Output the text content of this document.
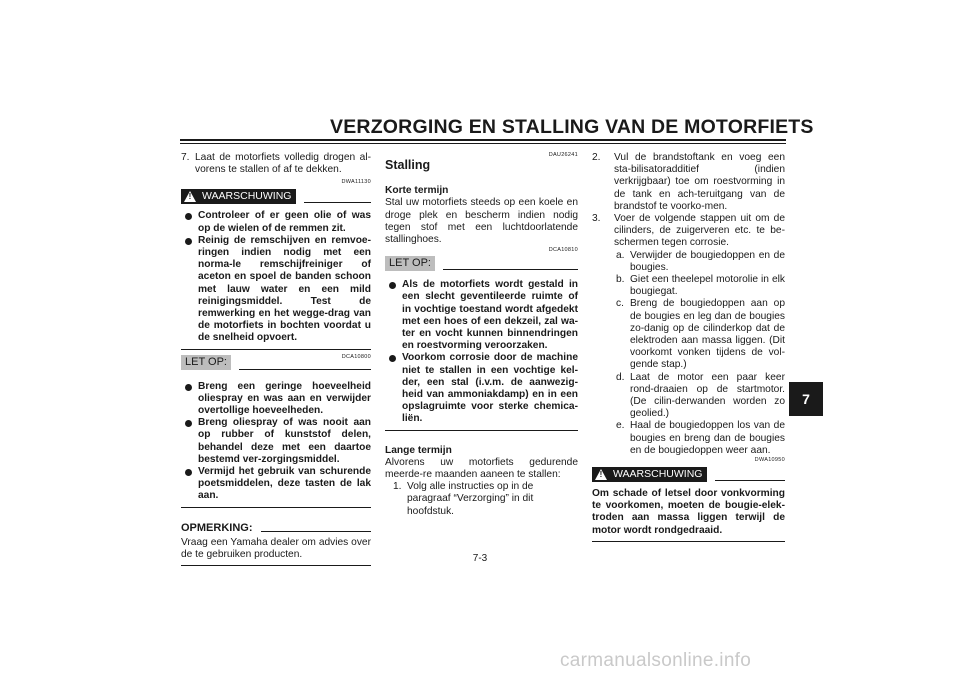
VERZORGING EN STALLING VAN DE MOTORFIETS

7. Laat de motorfiets volledig drogen al-vorens te stallen of af te dekken.

DWA11130
! WAARSCHUWING

Controleer of er geen olie of was op de wielen of de remmen zit.

Reinig de remschijven en remvoe-ringen indien nodig met een norma-le remschijfreiniger of aceton en spoel de banden schoon met lauw water en een mild reinigingsmiddel. Test de remwerking en het wegge-drag van de motorfiets in bochten voordat u de snelheid opvoert.

DCA10800
LET OP:

Breng een geringe hoeveelheid oliespray en was aan en verwijder overtollige hoeveelheden.

Breng oliespray of was nooit aan op rubber of kunststof delen, behandel deze met een daartoe bestemd ver-zorgingsmiddel.

Vermijd het gebruik van schurende poetsmiddelen, deze tasten de lak aan.

OPMERKING:

Vraag een Yamaha dealer om advies over de te gebruiken producten.

DAU26241
Stalling

Korte termijn

Stal uw motorfiets steeds op een koele en droge plek en bescherm indien nodig tegen stof met een luchtdoorlatende stallinghoes.

DCA10810
LET OP:

Als de motorfiets wordt gestald in een slecht geventileerde ruimte of in vochtige toestand wordt afgedekt met een hoes of een dekzeil, zal wa-ter en vocht kunnen binnendringen en roestvorming veroorzaken.

Voorkom corrosie door de machine niet te stallen in een vochtige kel-der, een stal (i.v.m. de aanwezig-heid van ammoniakdamp) en in een opslagruimte voor sterke chemica-liën.

Lange termijn

Alvorens uw motorfiets gedurende meerde-re maanden aaneen te stallen:

1. Volg alle instructies op in de paragraaf “Verzorging” in dit hoofdstuk.

2. Vul de brandstoftank en voeg een sta-bilisatoradditief (indien verkrijgbaar) toe om roestvorming in de tank en ach-teruitgang van de brandstof te voorko-men.

3. Voer de volgende stappen uit om de cilinders, de zuigerveren etc. te be-schermen tegen corrosie.

a. Verwijder de bougiedoppen en de bougies.

b. Giet een theelepel motorolie in elk bougiegat.

c. Breng de bougiedoppen aan op de bougies en leg dan de bougies zo-danig op de cilinderkop dat de elektroden aan massa liggen. (Dit voorkomt vonken tijdens de vol-gende stap.)

d. Laat de motor een paar keer rond-draaien op de startmotor. (De cilin-derwanden worden zo geolied.)

e. Haal de bougiedoppen los van de bougies en breng dan de bougies en de bougiedoppen weer aan.

DWA10950
! WAARSCHUWING

Om schade of letsel door vonkvorming te voorkomen, moeten de bougie-elek-troden aan massa liggen terwijl de motor wordt rondgedraaid.

7
7-3
carmanualsonline.info
